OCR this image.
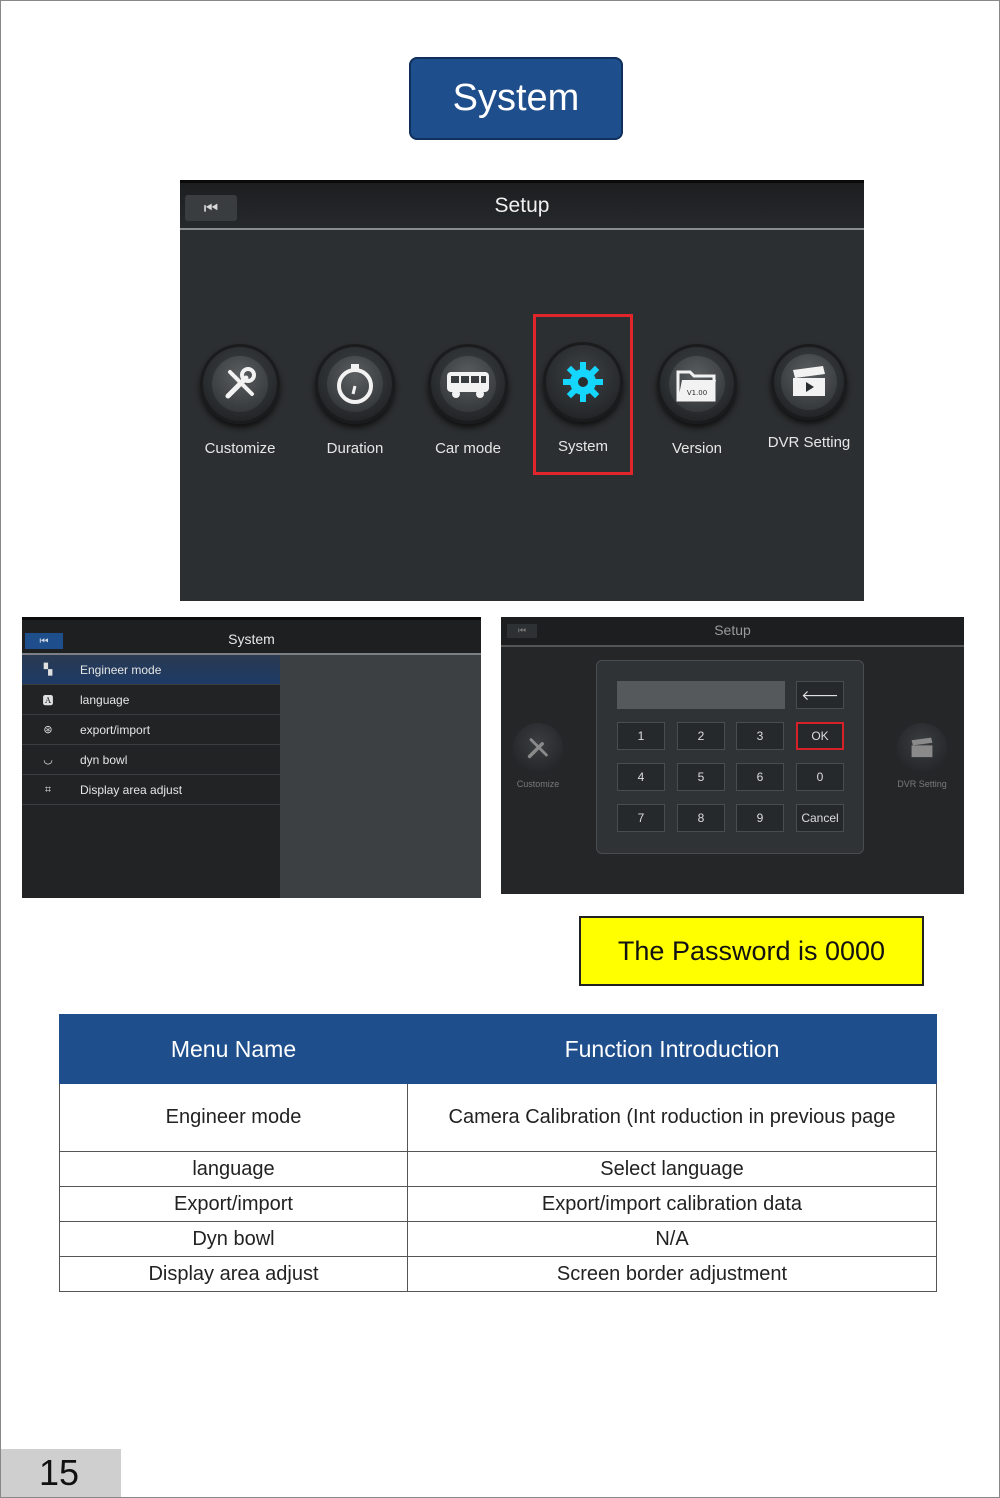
System
⏮	Setup
Customize	Duration	Car mode	System
V1.00
Version	DVR Setting
⏮	System
▚	Engineer mode
🅰	language
⊛	export/import
◡	dyn bowl
⌗	Display area adjust
⏮	Setup
Customize	DVR Setting
🡐
1	2	3	OK
4	5	6	0
7	8	9	Cancel
The Password is 0000
Menu Name	Function Introduction
Engineer mode	Camera Calibration (Int roduction in previous page
language	Select language
Export/import	Export/import calibration data
Dyn bowl	N/A
Display area adjust	Screen border adjustment
15
